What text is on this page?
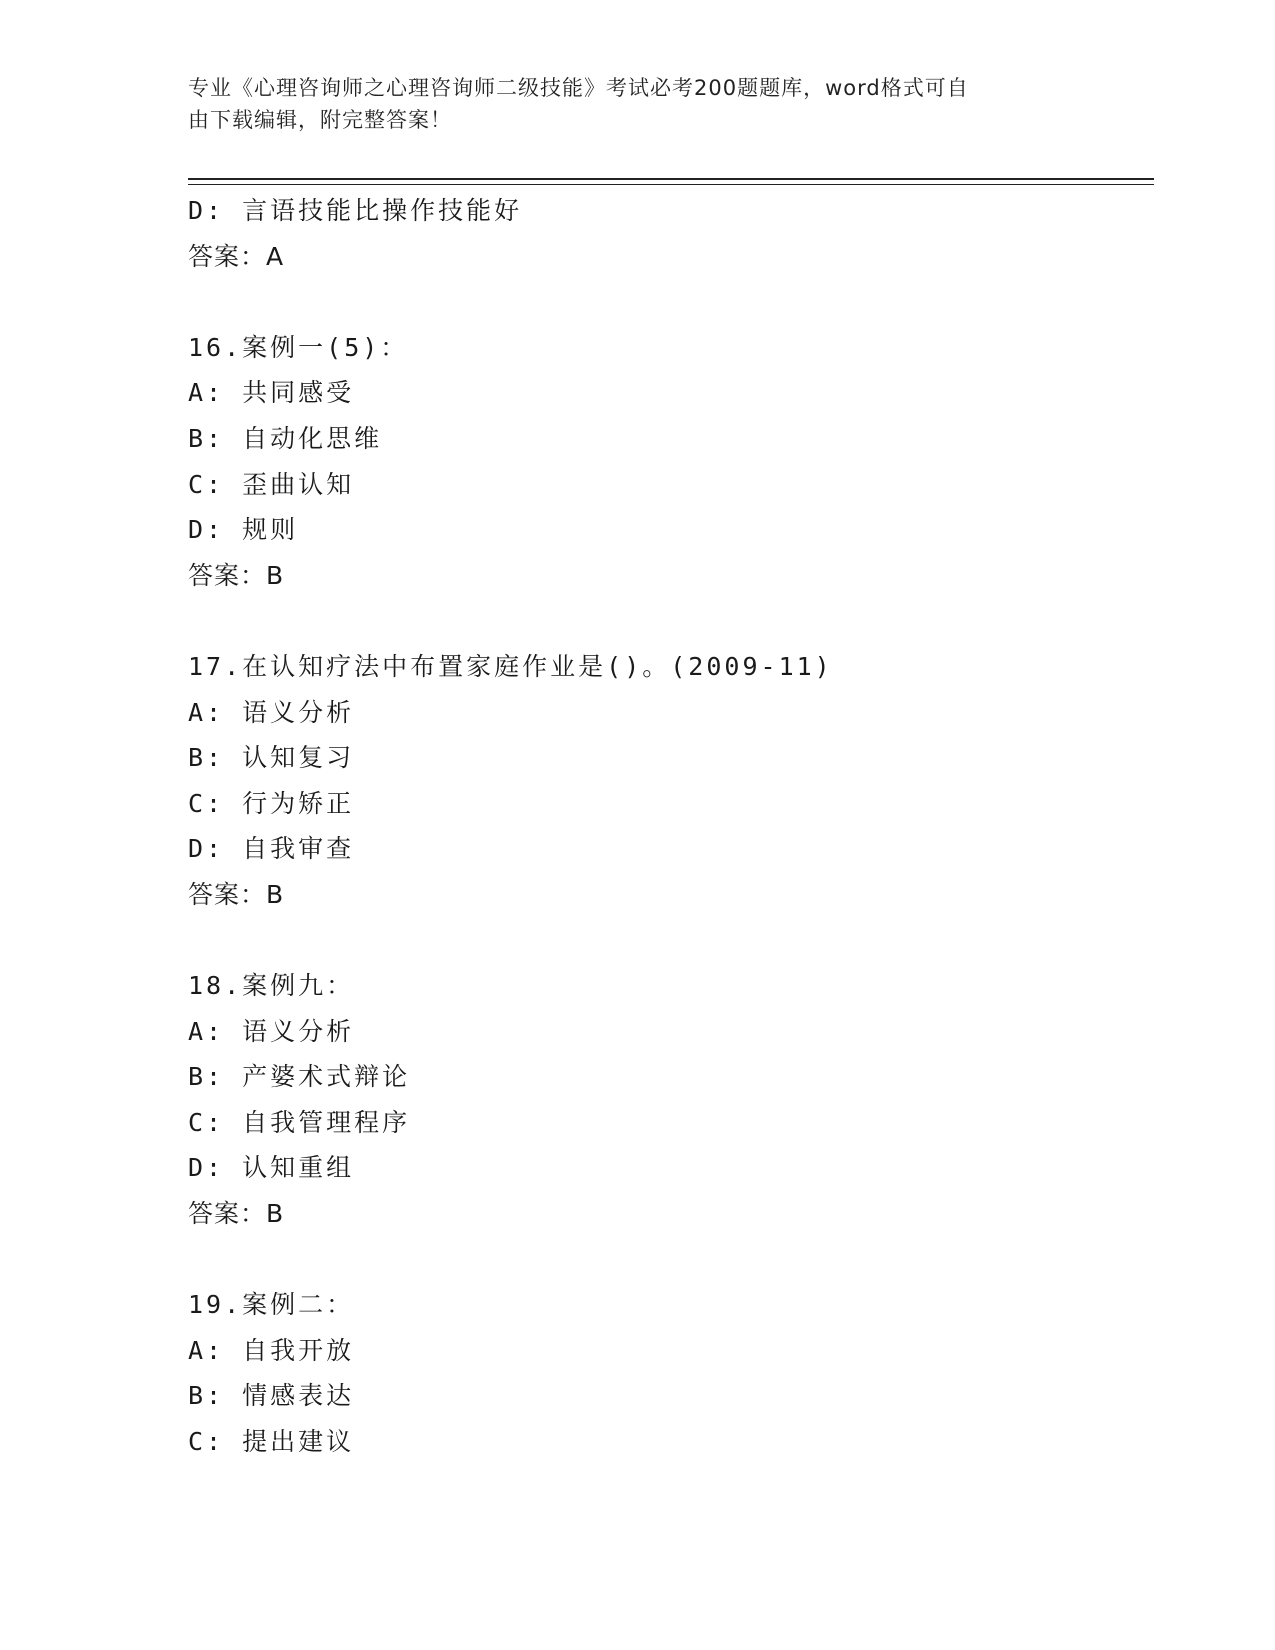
专业《心理咨询师之心理咨询师二级技能》考试必考200题题库，word格式可自
由下载编辑，附完整答案！
D: 言语技能比操作技能好
答案：A
16.案例一(5)：
A: 共同感受
B: 自动化思维
C: 歪曲认知
D: 规则
答案：B
17.在认知疗法中布置家庭作业是()。(2009-11)
A: 语义分析
B: 认知复习
C: 行为矫正
D: 自我审查
答案：B
18.案例九：
A: 语义分析
B: 产婆术式辩论
C: 自我管理程序
D: 认知重组
答案：B
19.案例二：
A: 自我开放
B: 情感表达
C: 提出建议
